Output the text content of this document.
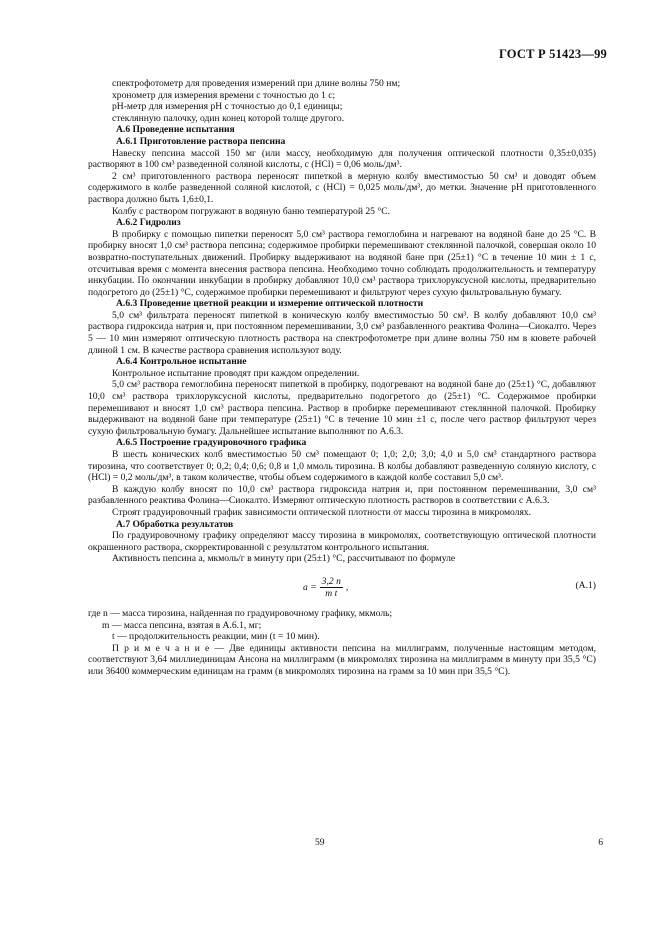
ГОСТ Р 51423—99

спектрофотометр для проведения измерений при длине волны 750 нм;

хронометр для измерения времени с точностью до 1 с;

рН-метр для измерения рН с точностью до 0,1 единицы;

стеклянную палочку, один конец которой толще другого.

А.6 Проведение испытания

А.6.1 Приготовление раствора пепсина

Навеску пепсина массой 150 мг (или массу, необходимую для получения оптической плотности 0,35±0,035) растворяют в 100 см³ разведенной соляной кислоты, c (HCl) = 0,06 моль/дм³.

2 см³ приготовленного раствора переносят пипеткой в мерную колбу вместимостью 50 см³ и доводят объем содержимого в колбе разведенной соляной кислотой, c (HCl) = 0,025 моль/дм³, до метки. Значение рН приготовленного раствора должно быть 1,6±0,1.

Колбу с раствором погружают в водяную баню температурой 25 °С.

А.6.2 Гидролиз

В пробирку с помощью пипетки переносят 5,0 см³ раствора гемоглобина и нагревают на водяной бане до 25 °С. В пробирку вносят 1,0 см³ раствора пепсина; содержимое пробирки перемешивают стеклянной палочкой, совершая около 10 возвратно-поступательных движений. Пробирку выдерживают на водяной бане при (25±1) °С в течение 10 мин ± 1 с, отсчитывая время с момента внесения раствора пепсина. Необходимо точно соблюдать продолжительность и температуру инкубации. По окончании инкубации в пробирку добавляют 10,0 см³ раствора трихлоруксусной кислоты, предварительно подогретого до (25±1) °С, содержимое пробирки перемешивают и фильтруют через сухую фильтровальную бумагу.

А.6.3 Проведение цветной реакции и измерение оптической плотности

5,0 см³ фильтрата переносят пипеткой в коническую колбу вместимостью 50 см³. В колбу добавляют 10,0 см³ раствора гидроксида натрия и, при постоянном перемешивании, 3,0 см³ разбавленного реактива Фолина—Сиокалто. Через 5 — 10 мин измеряют оптическую плотность раствора на спектрофотометре при длине волны 750 нм в кювете рабочей длиной 1 см. В качестве раствора сравнения используют воду.

А.6.4 Контрольное испытание

Контрольное испытание проводят при каждом определении.

5,0 см³ раствора гемоглобина переносят пипеткой в пробирку, подогревают на водяной бане до (25±1) °С, добавляют 10,0 см³ раствора трихлоруксусной кислоты, предварительно подогретого до (25±1) °С. Содержимое пробирки перемешивают и вносят 1,0 см³ раствора пепсина. Раствор в пробирке перемешивают стеклянной палочкой. Пробирку выдерживают на водяной бане при температуре (25±1) °С в течение 10 мин ±1 с, после чего раствор фильтруют через сухую фильтровальную бумагу. Дальнейшее испытание выполняют по А.6.3.

А.6.5 Построение градуировочного графика

В шесть конических колб вместимостью 50 см³ помещают 0; 1,0; 2,0; 3,0; 4,0 и 5,0 см³ стандартного раствора тирозина, что соответствует 0; 0,2; 0,4; 0,6; 0,8 и 1,0 ммоль тирозина. В колбы добавляют разведенную соляную кислоту, c (HCl) = 0,2 моль/дм³, в таком количестве, чтобы объем содержимого в каждой колбе составил 5,0 см³.

В каждую колбу вносят по 10,0 см³ раствора гидроксида натрия и, при постоянном перемешивании, 3,0 см³ разбавленного реактива Фолина—Сиокалто. Измеряют оптическую плотность растворов в соответствии с А.6.3.

Строят градуировочный график зависимости оптической плотности от массы тирозина в микромолях.

А.7 Обработка результатов

По градуировочному графику определяют массу тирозина в микромолях, соответствующую оптической плотности окрашенного раствора, скорректированной с результатом контрольного испытания.

Активность пепсина a, мкмоль/г в минуту при (25±1) °С, рассчитывают по формуле

$a = \frac{3,2 n}{\text{m t}}$ ,	(А.1)

где n — масса тирозина, найденная по градуировочному графику, мкмоль;

m — масса пепсина, взятая в А.6.1, мг;

t — продолжительность реакции, мин (t = 10 мин).

П р и м е ч а н и е — Две единицы активности пепсина на миллиграмм, полученные настоящим методом, соответствуют 3,64 миллиединицам Ансона на миллиграмм (в микромолях тирозина на миллиграмм в минуту при 35,5 °С) или 36400 коммерческим единицам на грамм (в микромолях тирозина на грамм за 10 мин при 35,5 °С).

59	6
